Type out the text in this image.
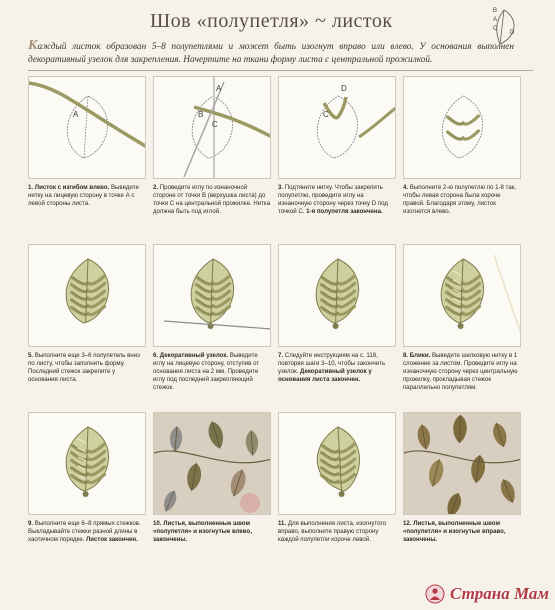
Шов «полупетля» ~ листок	B
A
C
D

Каждый листок образован 5–8 полупетлями и может быть изогнут вправо или влево. У основания выполнен декоративный узелок для закрепления. Начертите на ткани форму листа с центральной прожилкой.

A
1. Листок с изгибом влево. Выведите нитку на лицевую сторону в точке А с левой стороны листа.
B
A
C
2. Проведите иглу по изнаночной стороне от точки В (верхушка листа) до точки С на центральной прожилке. Нитка должна быть под иглой.
C
D
3. Подтяните нитку. Чтобы закрепить полупетлю, проведите иглу на изнаночную сторону через точку D под точкой С. 1-я полупетля закончена.
4. Выполните 2-ю полупетлю по 1-8 так, чтобы левая сторона была короче правой. Благодаря этому, листок изогнется влево.
5. Выполните еще 3–6 полупетель вниз по листу, чтобы заполнить форму. Последний стежок закрепите у основания листа.
6. Декоративный узелок. Выведите иглу на лицевую сторону, отступив от основания листа на 2 мм. Проведите иглу под последний закрепляющий стежок.
7. Следуйте инструкциям на с. 118, повторяя шаги 3–10, чтобы закончить узелок. Декоративный узелок у основания листа закончен.
8. Блики. Выведите шелковую нитку в 1 сложение за листом. Проведите иглу на изнаночную сторону через центральную прожилку, прокладывая стежок параллельно полупетлям.
9. Выполните еще 6–8 прямых стежков. Выкладывайте стежки разной длины в хаотичном порядке. Листок закончен.
10. Листья, выполненные швом «полупетля» и изогнутые влево, закончены.
11. Для выполнения листа, изогнутого вправо, выполните правую сторону каждой полупетли короче левой.
12. Листья, выполненные швом «полупетля» и изогнутые вправо, закончены.
Страна Мам
